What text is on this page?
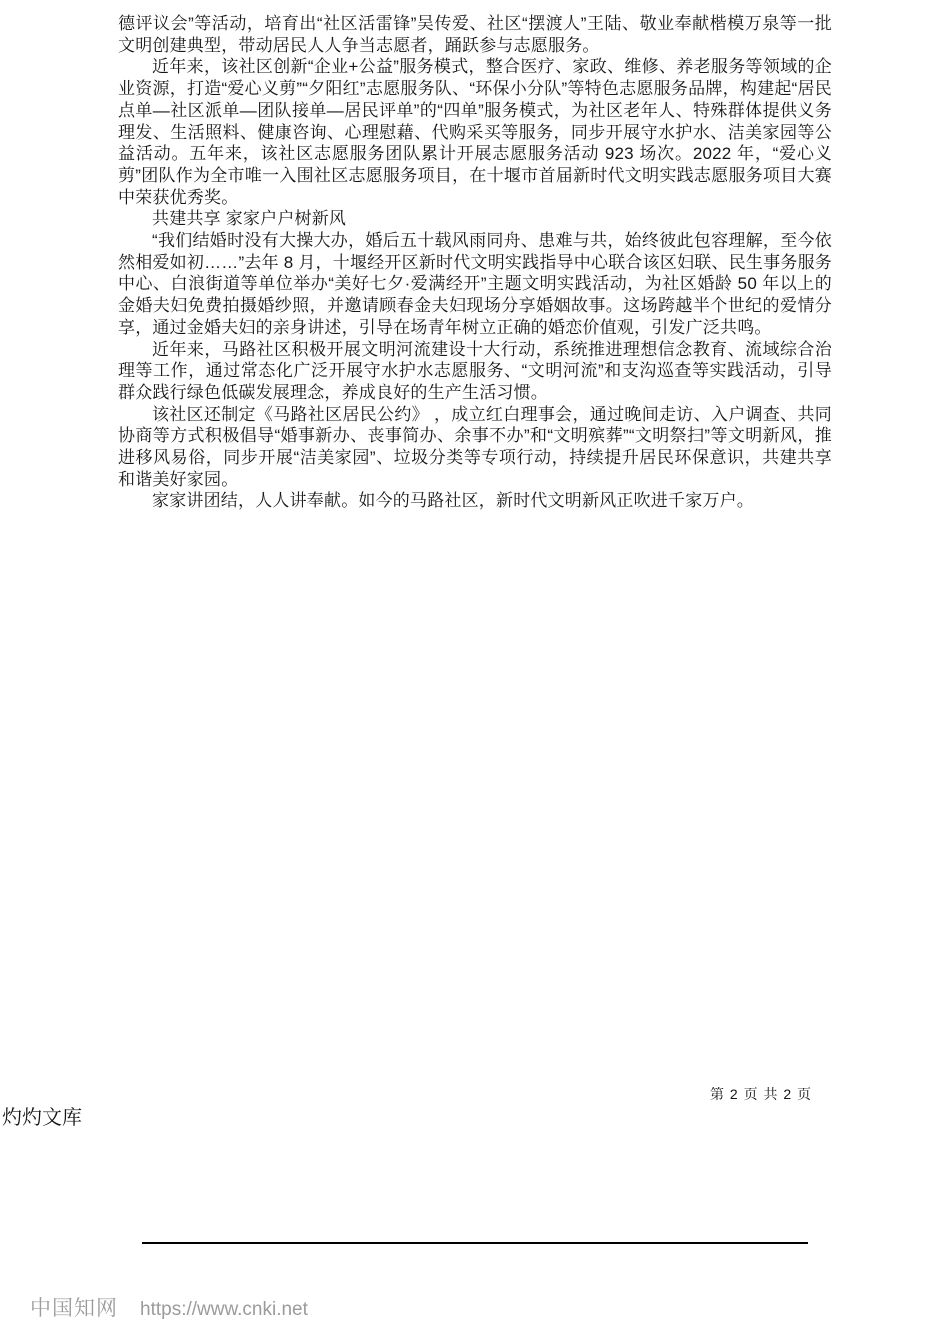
德评议会”等活动，培育出“社区活雷锋”吴传爱、社区“摆渡人”王陆、敬业奉献楷模万泉等一批文明创建典型，带动居民人人争当志愿者，踊跃参与志愿服务。

近年来，该社区创新“企业+公益”服务模式，整合医疗、家政、维修、养老服务等领域的企业资源，打造“爱心义剪”“夕阳红”志愿服务队、“环保小分队”等特色志愿服务品牌，构建起“居民点单—社区派单—团队接单—居民评单”的“四单”服务模式，为社区老年人、特殊群体提供义务理发、生活照料、健康咨询、心理慰藉、代购采买等服务，同步开展守水护水、洁美家园等公益活动。五年来，该社区志愿服务团队累计开展志愿服务活动 923 场次。2022 年，“爱心义剪”团队作为全市唯一入围社区志愿服务项目，在十堰市首届新时代文明实践志愿服务项目大赛中荣获优秀奖。

共建共享 家家户户树新风

“我们结婚时没有大操大办，婚后五十载风雨同舟、患难与共，始终彼此包容理解，至今依然相爱如初……”去年 8 月，十堰经开区新时代文明实践指导中心联合该区妇联、民生事务服务中心、白浪街道等单位举办“美好七夕·爱满经开”主题文明实践活动，为社区婚龄 50 年以上的金婚夫妇免费拍摄婚纱照，并邀请顾春金夫妇现场分享婚姻故事。这场跨越半个世纪的爱情分享，通过金婚夫妇的亲身讲述，引导在场青年树立正确的婚恋价值观，引发广泛共鸣。

近年来，马路社区积极开展文明河流建设十大行动，系统推进理想信念教育、流域综合治理等工作，通过常态化广泛开展守水护水志愿服务、“文明河流”和支沟巡查等实践活动，引导群众践行绿色低碳发展理念，养成良好的生产生活习惯。

该社区还制定《马路社区居民公约》 ，成立红白理事会，通过晚间走访、入户调查、共同协商等方式积极倡导“婚事新办、丧事简办、余事不办”和“文明殡葬”“文明祭扫”等文明新风，推进移风易俗，同步开展“洁美家园”、垃圾分类等专项行动，持续提升居民环保意识，共建共享和谐美好家园。

家家讲团结，人人讲奉献。如今的马路社区，新时代文明新风正吹进千家万户。

第 2 页 共 2 页
灼灼文库
中国知网 https://www.cnki.net
